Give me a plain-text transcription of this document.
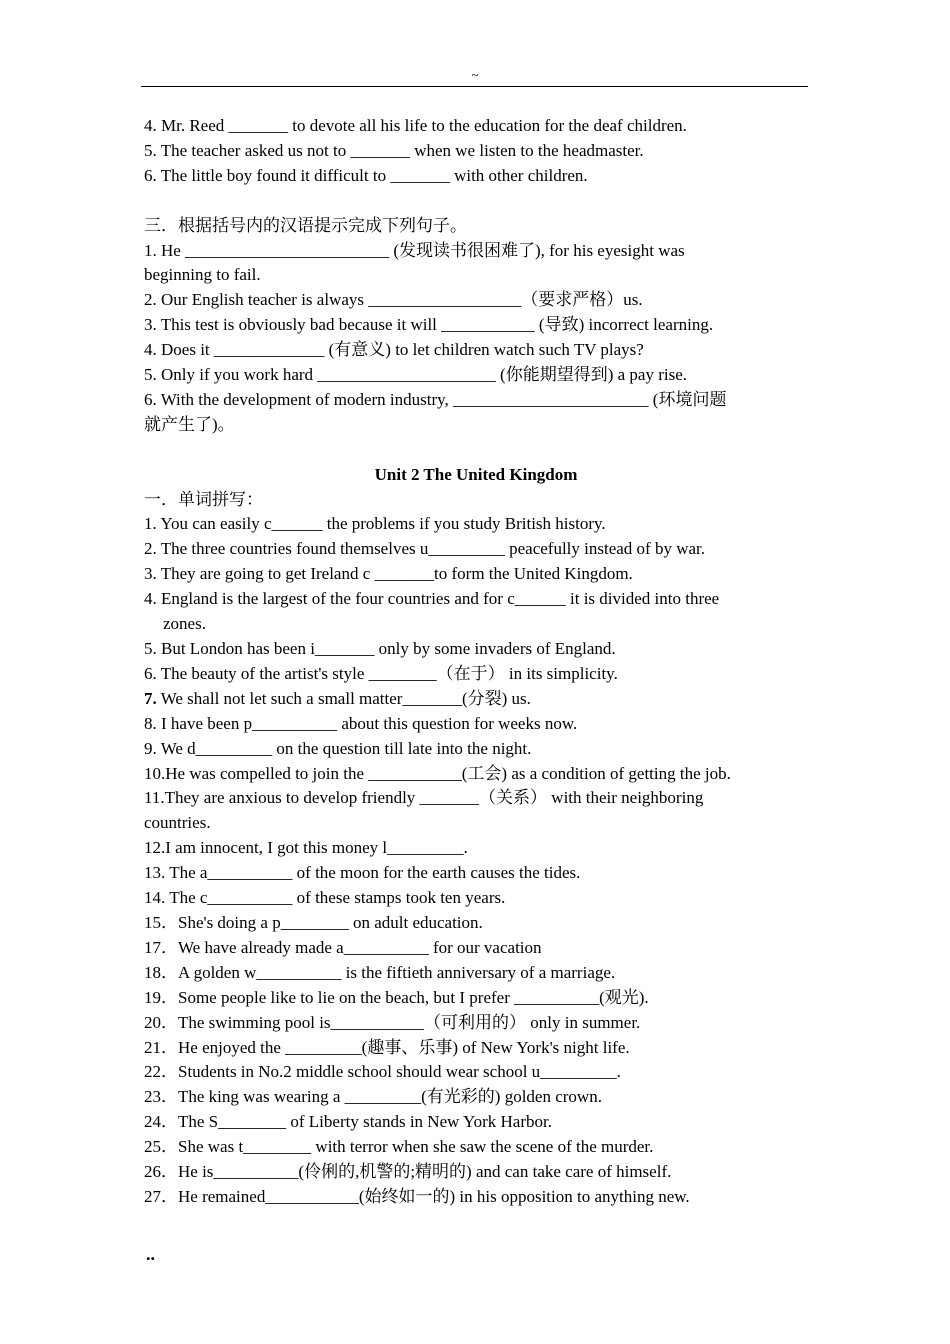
~
4. Mr. Reed _______ to devote all his life to the education for the deaf children.
5. The teacher asked us not to _______ when we listen to the headmaster.
6. The little boy found it difficult to _______ with other children.
三．根据括号内的汉语提示完成下列句子。
1. He ________________________ (发现读书很困难了), for his eyesight was
beginning to fail.
2. Our English teacher is always __________________（要求严格）us.
3. This test is obviously bad because it will ___________ (导致) incorrect learning.
4. Does it _____________ (有意义) to let children watch such TV plays?
5. Only if you work hard _____________________ (你能期望得到) a pay rise.
6. With the development of modern industry, _______________________ (环境问题
就产生了)。
Unit 2 The United Kingdom
一．单词拼写：
1. You can easily c______ the problems if you study British history.
2. The three countries found themselves u_________ peacefully instead of by war.
3. They are going to get Ireland c _______to form the United Kingdom.
4. England is the largest of the four countries and for c______ it is divided into three
zones.
5. But London has been i_______ only by some invaders of England.
6. The beauty of the artist's style ________（在于） in its simplicity.
7. We shall not let such a small matter_______(分裂) us.
8. I have been p__________ about this question for weeks now.
9. We d_________ on the question till late into the night.
10.He was compelled to join the ___________(工会) as a condition of getting the job.
11.They are anxious to develop friendly _______（关系） with their neighboring
countries.
12.I am innocent, I got this money l_________.
13. The a__________ of the moon for the earth causes the tides.
14. The c__________ of these stamps took ten years.
15．She's doing a p________ on adult education.
17．We have already made a__________ for our vacation
18．A golden w__________ is the fiftieth anniversary of a marriage.
19．Some people like to lie on the beach, but I prefer __________(观光).
20．The swimming pool is___________（可利用的） only in summer.
21．He enjoyed the _________(趣事、乐事) of New York's night life.
22．Students in No.2 middle school should wear school u_________.
23．The king was wearing a _________(有光彩的) golden crown.
24．The S________ of Liberty stands in New York Harbor.
25．She was t________ with terror when she saw the scene of the murder.
26．He is__________(伶俐的,机警的;精明的) and can take care of himself.
27．He remained___________(始终如一的) in his opposition to anything new.
..
